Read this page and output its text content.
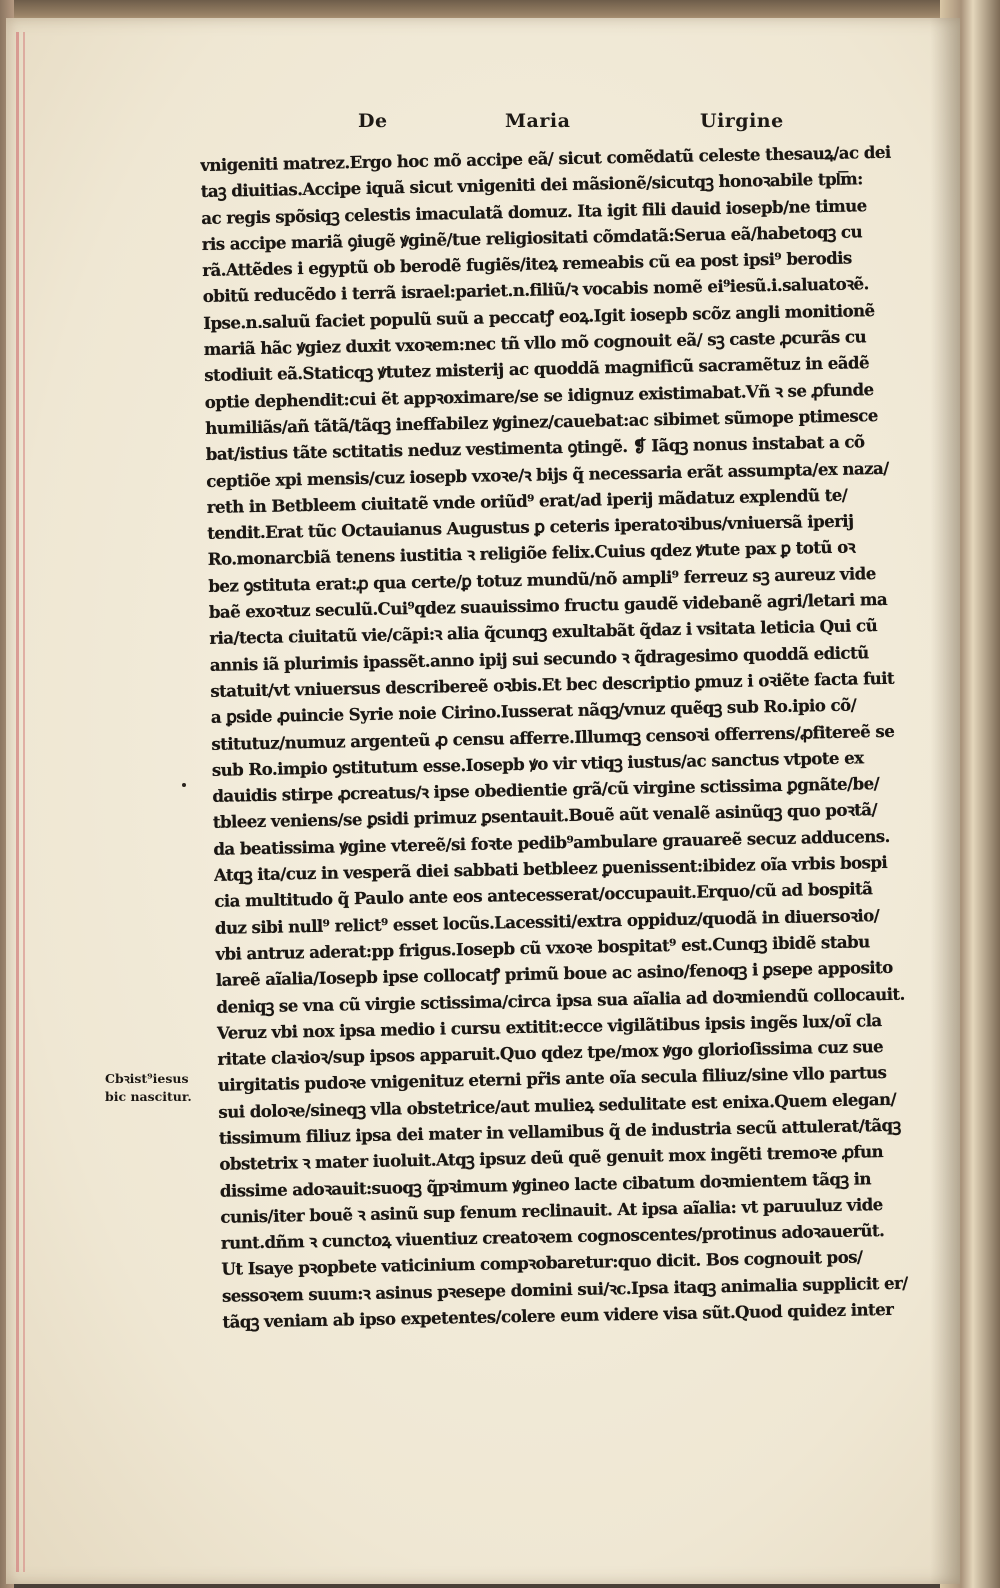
De	Maria	Uirgine
Cbꝛist⁹iesus
bic nascitur.
vnigeniti matrez.Ergo hoc mõ accipe eã/ sicut comẽdatũ celeste thesauꝝ/ac dei
taꝫ diuitias.Accipe iquã sicut vnigeniti dei mãsionẽ/sicutqꝫ honoꝛabile tpl͞m:
ac regis spõsiqꝫ celestis imaculatã domuz. Ita igit fili dauid iosepb/ne timue
ris accipe mariã ꝯiugẽ ꝟginẽ/tue religiositati cõmdatã:Serua eã/habetoqꝫ cu
rã.Attẽdes i egyptũ ob berodẽ fugiẽs/iteꝝ remeabis cũ ea post ipsi⁹ berodis
obitũ reducẽdo i terrã israel:pariet.n.filiũ/ꝛ vocabis nomẽ ei⁹iesũ.i.saluatoꝛẽ.
Ipse.n.saluũ faciet populũ suũ a peccatꝭ eoꝝ.Igit iosepb scõz angli monitionẽ
mariã hãc ꝟgiez duxit vxoꝛem:nec tñ vllo mõ cognouit eã/ sꝫ caste ꝓcurãs cu
stodiuit eã.Staticqꝫ ꝟtutez misterij ac quoddã magnificũ sacramẽtuz in eãdẽ
optie dephendit:cui ẽt appꝛoximare/se se idignuz existimabat.Vñ ꝛ se ꝓfunde
humiliãs/añ tãtã/tãqꝫ ineffabilez ꝟginez/cauebat:ac sibimet sũmope ptimesce
bat/istius tãte sctitatis neduz vestimenta ꝯtingẽ. ❡ Iãqꝫ nonus instabat a cõ
ceptiõe xpi mensis/cuz iosepb vxoꝛe/ꝛ bijs q̃ necessaria erãt assumpta/ex naza/
reth in Betbleem ciuitatẽ vnde oriũd⁹ erat/ad iperij mãdatuz explendũ te/
tendit.Erat tũc Octauianus Augustus ꝑ ceteris iperatoꝛibus/vniuersã iperij
Ro.monarcbiã tenens iustitia ꝛ religiõe felix.Cuius qdez ꝟtute pax ꝑ totũ oꝛ
bez ꝯstituta erat:ꝓ qua certe/ꝑ totuz mundũ/nõ ampli⁹ ferreuz sꝫ aureuz vide
baẽ exoꝛtuz seculũ.Cui⁹qdez suauissimo fructu gaudẽ videbanẽ agri/letari ma
ria/tecta ciuitatũ vie/cãpi:ꝛ alia q̃cunqꝫ exultabãt q̃daz i vsitata leticia Qui cũ
annis iã plurimis ipassẽt.anno ipij sui secundo ꝛ q̃dragesimo quoddã edictũ
statuit/vt vniuersus describereẽ oꝛbis.Et bec descriptio ꝑmuz i oꝛiẽte facta fuit
a ꝑside ꝓuincie Syrie noie Cirino.Iusserat nãqꝫ/vnuz quẽqꝫ sub Ro.ipio cõ/
stitutuz/numuz argenteũ ꝓ censu afferre.Illumqꝫ censoꝛi offerrens/ꝓfitereẽ se
sub Ro.impio ꝯstitutum esse.Iosepb ꝟo vir vtiqꝫ iustus/ac sanctus vtpote ex
dauidis stirpe ꝓcreatus/ꝛ ipse obedientie grã/cũ virgine sctissima ꝑgnãte/be/
tbleez veniens/se ꝑsidi primuz ꝑsentauit.Bouẽ aũt venalẽ asinũqꝫ quo poꝛtã/
da beatissima ꝟgine vtereẽ/si foꝛte pedib⁹ambulare grauareẽ secuz adducens.
Atqꝫ ita/cuz in vesperã diei sabbati betbleez ꝑuenissent:ibidez oĩa vrbis bospi
cia multitudo q̃ Paulo ante eos antecesserat/occupauit.Erquo/cũ ad bospitã
duz sibi null⁹ relict⁹ esset locũs.Lacessiti/extra oppiduz/quodã in diuersoꝛio/
vbi antruz aderat:pp frigus.Iosepb cũ vxoꝛe bospitat⁹ est.Cunqꝫ ibidẽ stabu
lareẽ aĩalia/Iosepb ipse collocatꝭ primũ boue ac asino/fenoqꝫ i ꝑsepe apposito
deniqꝫ se vna cũ virgie sctissima/circa ipsa sua aĩalia ad doꝛmiendũ collocauit.
Veruz vbi nox ipsa medio i cursu extitit:ecce vigilãtibus ipsis ingẽs lux/oĩ cla
ritate claꝛioꝛ/sup ipsos apparuit.Quo qdez tpe/mox ꝟgo glorioſissima cuz sue
uirgitatis pudoꝛe vnigenituz eterni pr̃is ante oĩa secula filiuz/sine vllo partus
sui doloꝛe/sineqꝫ vlla obstetrice/aut mulieꝝ sedulitate est enixa.Quem elegan/
tissimum filiuz ipsa dei mater in vellamibus q̃ de industria secũ attulerat/tãqꝫ
obstetrix ꝛ mater iuoluit.Atqꝫ ipsuz deũ quẽ genuit mox ingẽti tremoꝛe ꝓfun
dissime adoꝛauit:suoqꝫ q̃pꝛimum ꝟgineo lacte cibatum doꝛmientem tãqꝫ in
cunis/iter bouẽ ꝛ asinũ sup fenum reclinauit. At ipsa aĩalia: vt paruuluz vide
runt.dñm ꝛ cunctoꝝ viuentiuz creatoꝛem cognoscentes/protinus adoꝛauerũt.
Ut Isaye pꝛopbete vaticinium compꝛobaretur:quo dicit. Bos cognouit pos/
sessoꝛem suum:ꝛ asinus pꝛesepe domini sui/ꝛc.Ipsa itaqꝫ animalia supplicit er/
tãqꝫ veniam ab ipso expetentes/colere eum videre visa sũt.Quod quidez inter
